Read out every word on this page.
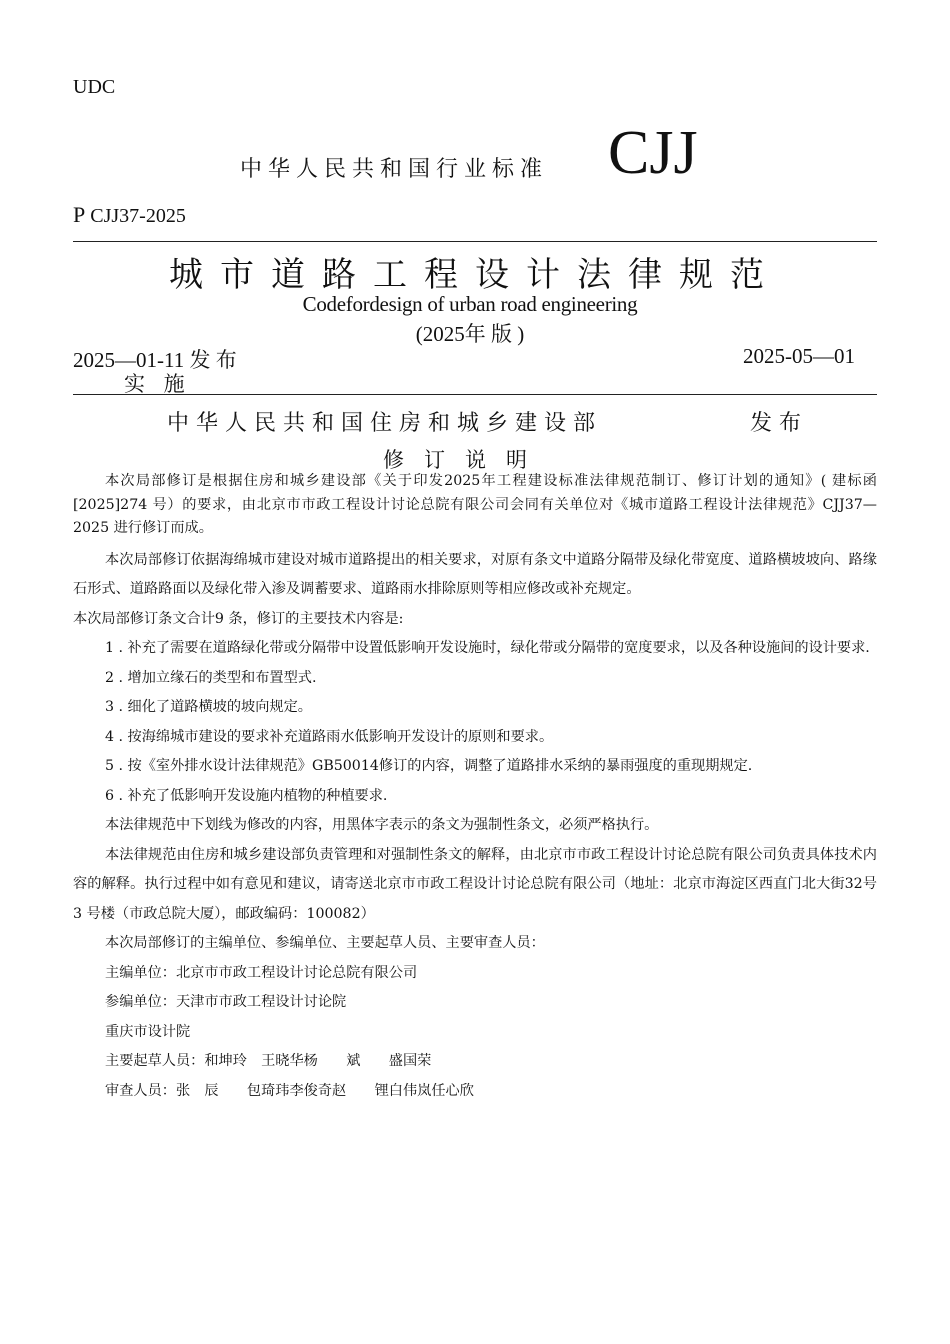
UDC
中华人民共和国行业标准 CJJ
P CJJ37-2025
城市道路工程设计法律规范
Codefordesign of urban road engineering
(2025年 版 )
2025—01-11 发 布	2025-05—01
实 施
中华人民共和国住房和城乡建设部	发布
修订说明

本次局部修订是根据住房和城乡建设部《关于印发2025年工程建设标准法律规范制订、修订计划的通知》( 建标函[2025]274 号）的要求，由北京市市政工程设计讨论总院有限公司会同有关单位对《城市道路工程设计法律规范》CJJ37—2025 进行修订而成。

本次局部修订依据海绵城市建设对城市道路提出的相关要求，对原有条文中道路分隔带及绿化带宽度、道路横坡坡向、路缘石形式、道路路面以及绿化带入渗及调蓄要求、道路雨水排除原则等相应修改或补充规定。

本次局部修订条文合计9 条，修订的主要技术内容是:

1 . 补充了需要在道路绿化带或分隔带中设置低影响开发设施时，绿化带或分隔带的宽度要求，以及各种设施间的设计要求.

2 . 增加立缘石的类型和布置型式.

3 . 细化了道路横坡的坡向规定。

4 . 按海绵城市建设的要求补充道路雨水低影响开发设计的原则和要求。

5 . 按《室外排水设计法律规范》GB50014修订的内容，调整了道路排水采纳的暴雨强度的重现期规定.

6 . 补充了低影响开发设施内植物的种植要求.

本法律规范中下划线为修改的内容，用黑体字表示的条文为强制性条文，必须严格执行。

本法律规范由住房和城乡建设部负责管理和对强制性条文的解释，由北京市市政工程设计讨论总院有限公司负责具体技术内容的解释。执行过程中如有意见和建议，请寄送北京市市政工程设计讨论总院有限公司（地址：北京市海淀区西直门北大街32号3 号楼（市政总院大厦），邮政编码：100082）

本次局部修订的主编单位、参编单位、主要起草人员、主要审查人员：

主编单位：北京市市政工程设计讨论总院有限公司

参编单位：天津市市政工程设计讨论院

重庆市设计院

主要起草人员：和坤玲　王晓华杨　　斌　　盛国荣

审查人员：张　辰　　包琦玮李俊奇赵　　锂白伟岚任心欣
